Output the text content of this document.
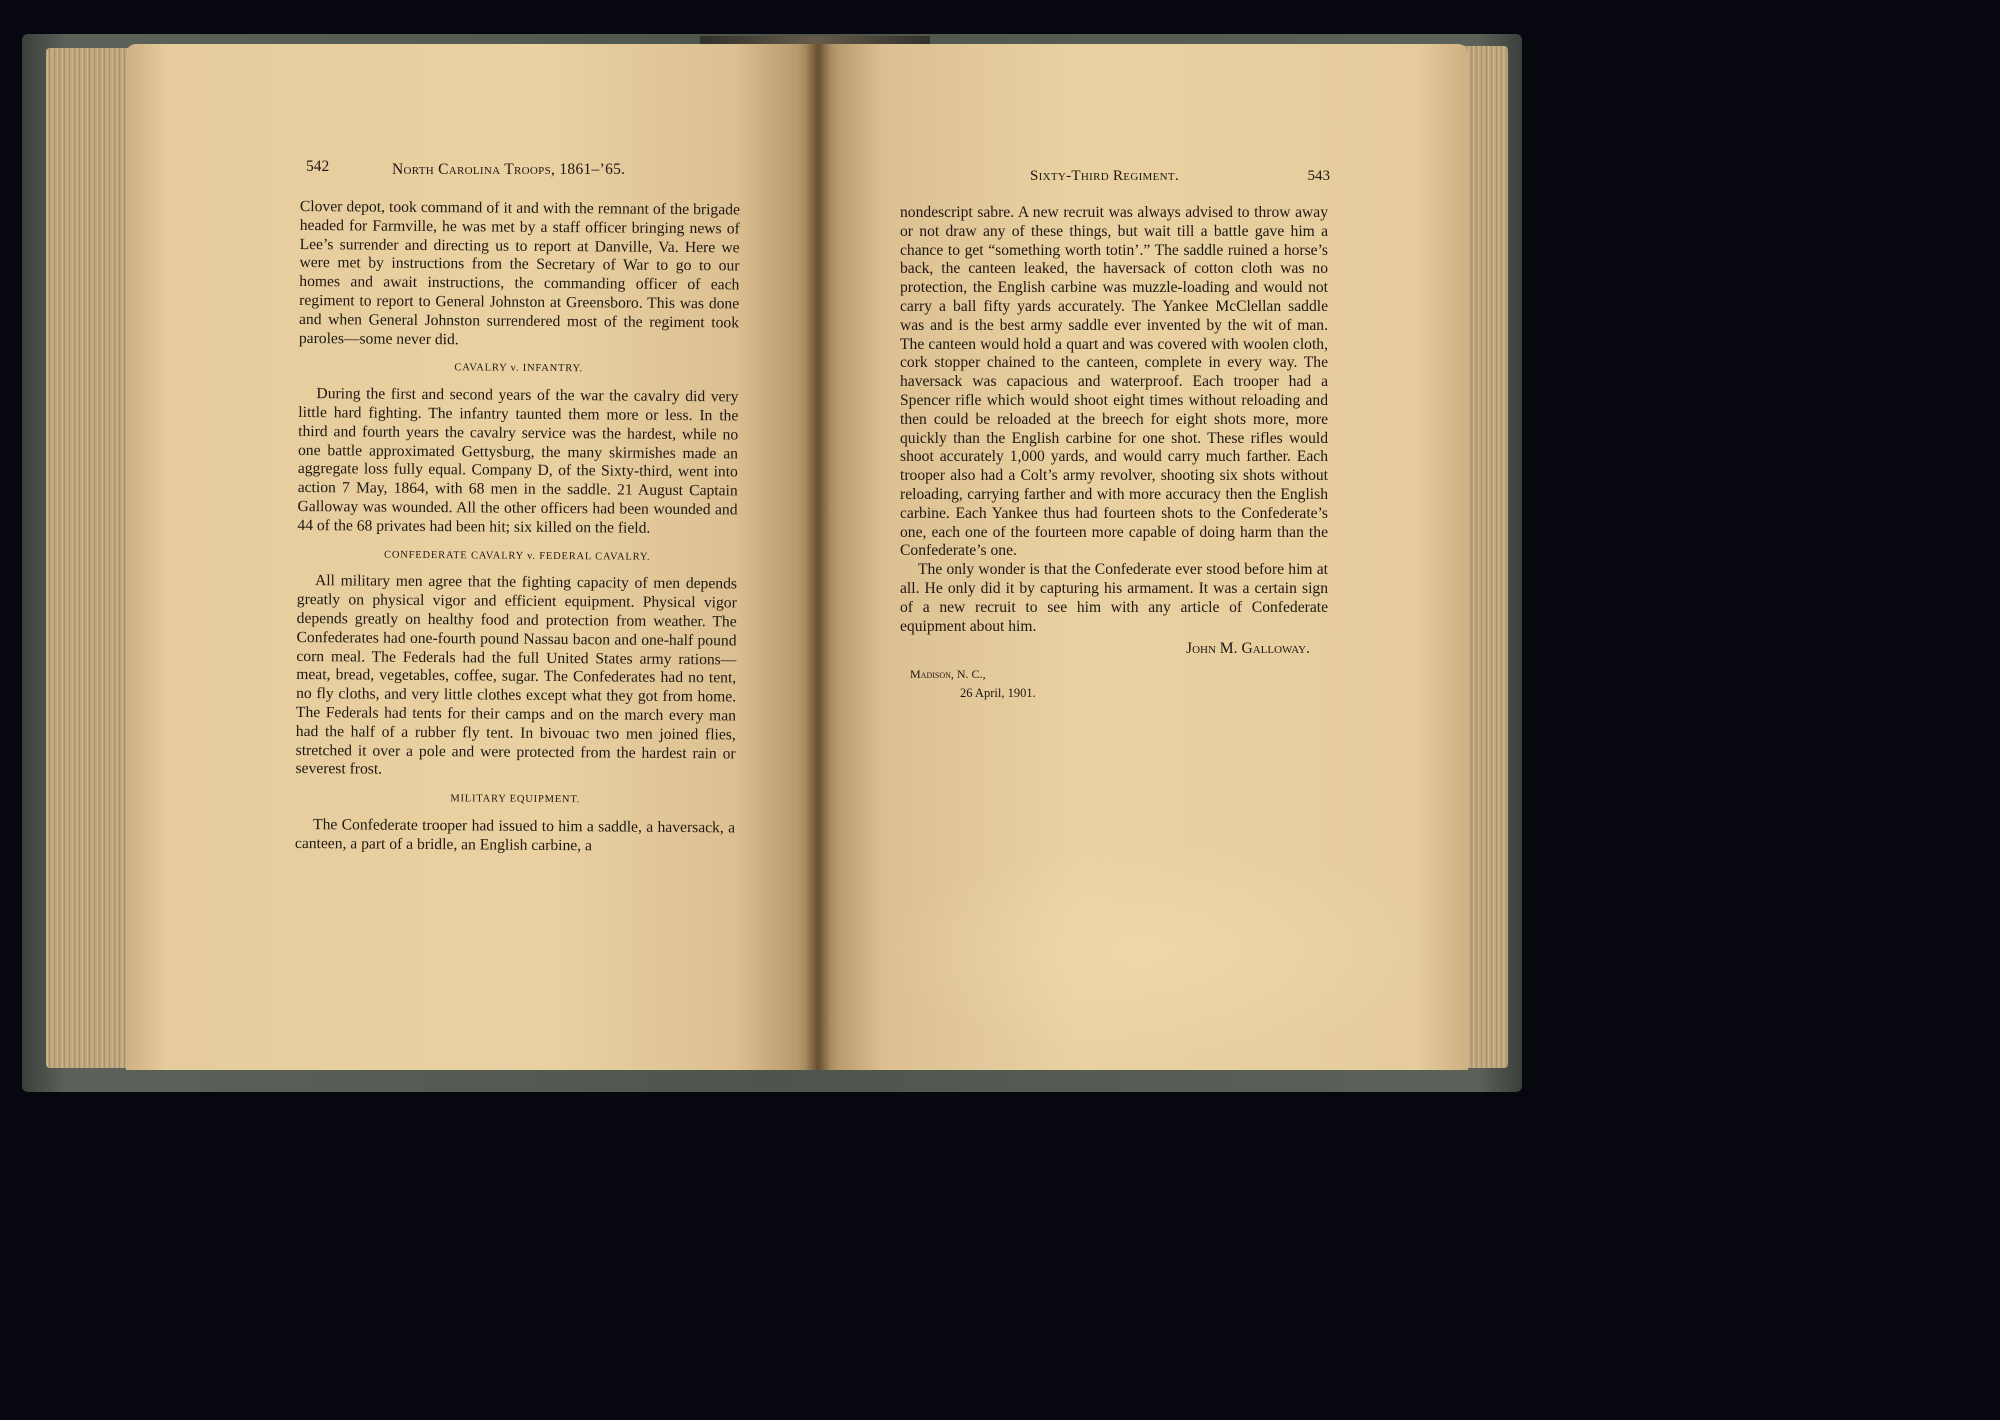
542	North Carolina Troops, 1861–’65.

Clover depot, took command of it and with the remnant of the brigade headed for Farmville, he was met by a staff officer bringing news of Lee’s surrender and directing us to report at Danville, Va. Here we were met by instructions from the Secretary of War to go to our homes and await instructions, the commanding officer of each regiment to report to General Johnston at Greensboro. This was done and when General Johnston surrendered most of the regiment took paroles—some never did.

CAVALRY v. INFANTRY.

During the first and second years of the war the cavalry did very little hard fighting. The infantry taunted them more or less. In the third and fourth years the cavalry service was the hardest, while no one battle approximated Gettysburg, the many skirmishes made an aggregate loss fully equal. Company D, of the Sixty-third, went into action 7 May, 1864, with 68 men in the saddle. 21 August Captain Galloway was wounded. All the other officers had been wounded and 44 of the 68 privates had been hit; six killed on the field.

CONFEDERATE CAVALRY v. FEDERAL CAVALRY.

All military men agree that the fighting capacity of men depends greatly on physical vigor and efficient equipment. Physical vigor depends greatly on healthy food and protection from weather. The Confederates had one-fourth pound Nassau bacon and one-half pound corn meal. The Federals had the full United States army rations—meat, bread, vegetables, coffee, sugar. The Confederates had no tent, no fly cloths, and very little clothes except what they got from home. The Federals had tents for their camps and on the march every man had the half of a rubber fly tent. In bivouac two men joined flies, stretched it over a pole and were protected from the hardest rain or severest frost.

MILITARY EQUIPMENT.

The Confederate trooper had issued to him a saddle, a haversack, a canteen, a part of a bridle, an English carbine, a

Sixty-Third Regiment.	543

nondescript sabre. A new recruit was always advised to throw away or not draw any of these things, but wait till a battle gave him a chance to get “something worth totin’.” The saddle ruined a horse’s back, the canteen leaked, the haversack of cotton cloth was no protection, the English carbine was muzzle-loading and would not carry a ball fifty yards accurately. The Yankee McClellan saddle was and is the best army saddle ever invented by the wit of man. The canteen would hold a quart and was covered with woolen cloth, cork stopper chained to the canteen, complete in every way. The haversack was capacious and waterproof. Each trooper had a Spencer rifle which would shoot eight times without reloading and then could be reloaded at the breech for eight shots more, more quickly than the English carbine for one shot. These rifles would shoot accurately 1,000 yards, and would carry much farther. Each trooper also had a Colt’s army revolver, shooting six shots without reloading, carrying farther and with more accuracy then the English carbine. Each Yankee thus had fourteen shots to the Confederate’s one, each one of the fourteen more capable of doing harm than the Confederate’s one.

The only wonder is that the Confederate ever stood before him at all. He only did it by capturing his armament. It was a certain sign of a new recruit to see him with any article of Confederate equipment about him.

John M. Galloway.
Madison, N. C.,
26 April, 1901.
